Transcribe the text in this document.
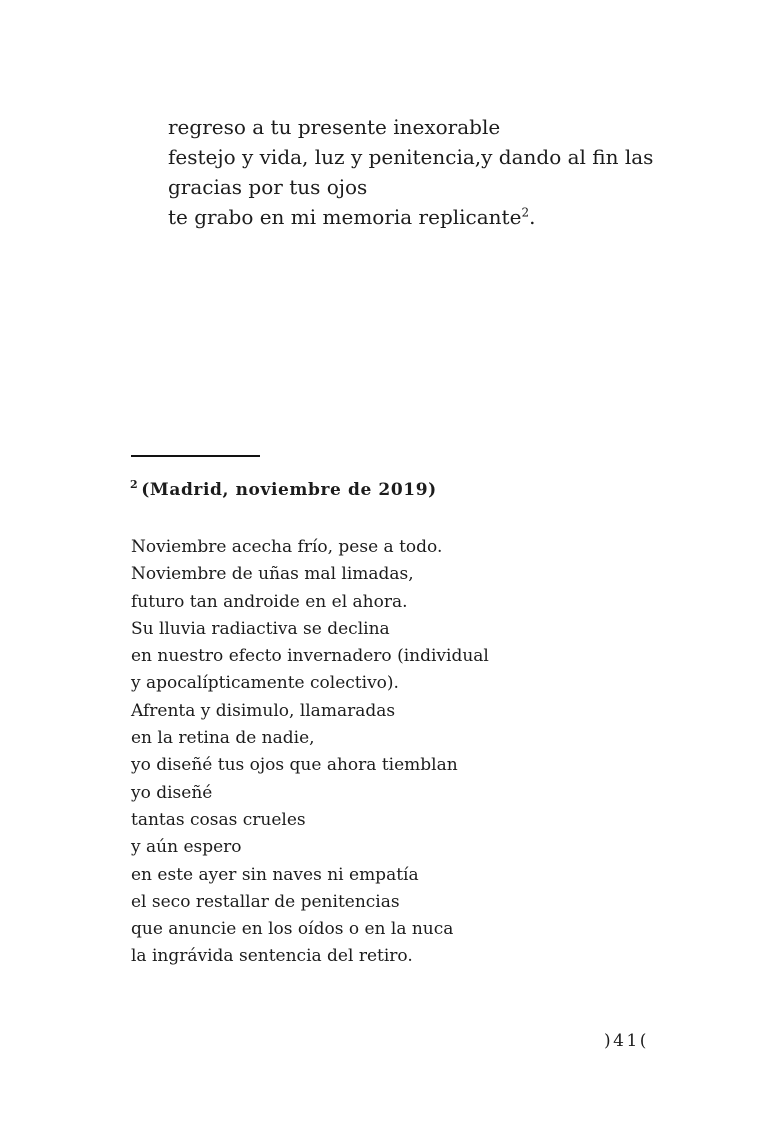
regreso a tu presente inexorable
festejo y vida, luz y penitencia,y dando al fin las
gracias por tus ojos
te grabo en mi memoria replicante$^2$.
$^2$ (Madrid, noviembre de 2019)
Noviembre acecha frío, pese a todo.
Noviembre de uñas mal limadas,
futuro tan androide en el ahora.
Su lluvia radiactiva se declina
en nuestro efecto invernadero (individual
y apocalípticamente colectivo).
Afrenta y disimulo, llamaradas
en la retina de nadie,
yo diseñé tus ojos que ahora tiemblan
yo diseñé
tantas cosas crueles
y aún espero
en este ayer sin naves ni empatía
el seco restallar de penitencias
que anuncie en los oídos o en la nuca
la ingrávida sentencia del retiro.
)41(
